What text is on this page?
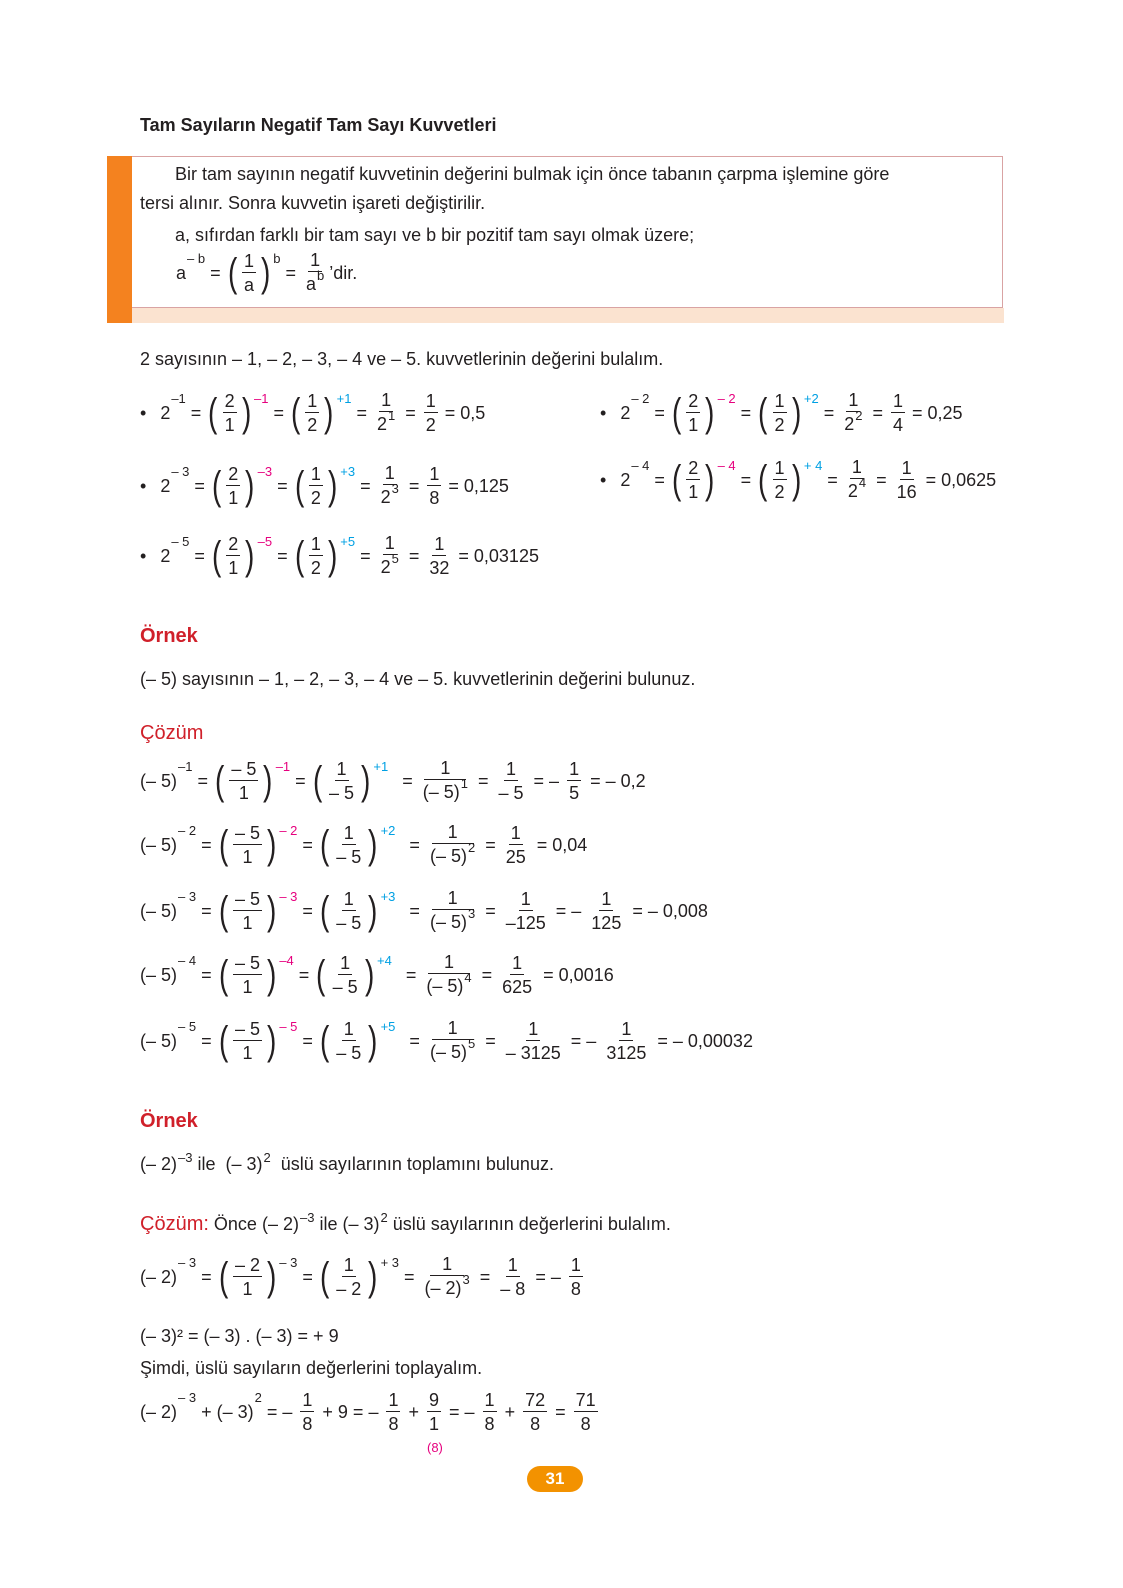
Tam Sayıların Negatif Tam Sayı Kuvvetleri
Bir tam sayının negatif kuvvetinin değerini bulmak için önce tabanın çarpma işlemine göre
tersi alınır. Sonra kuvvetin işareti değiştirilir.
a, sıfırdan farklı bir tam sayı ve b bir pozitif tam sayı olmak üzere;
a
– b
= ( $\frac{1}{a}$ ) b
= $\frac{1}{a^b}$ ’dir.
2 sayısının – 1, – 2, – 3, – 4 ve – 5. kuvvetlerinin değerini bulalım.
• 2
–1
= ( $\frac{2}{1}$ ) –1
= ( $\frac{1}{2}$ ) +1
= $\frac{1}{2^1} = \frac{1}{2} = 0,5$	• 2
– 2
= ( $\frac{2}{1}$ ) – 2
= ( $\frac{1}{2}$ ) +2
= $\frac{1}{2^2} = \frac{1}{4} = 0,25$
• 2
– 3
= ( $\frac{2}{1}$ ) –3
= ( $\frac{1}{2}$ ) +3
= $\frac{1}{2^3} = \frac{1}{8} = 0,125$	• 2
– 4
= ( $\frac{2}{1}$ ) – 4
= ( $\frac{1}{2}$ ) + 4
= $\frac{1}{2^4} = \frac{1}{16} = 0,0625$
• 2
– 5
= ( $\frac{2}{1}$ ) –5
= ( $\frac{1}{2}$ ) +5
= $\frac{1}{2^5} = \frac{1}{32} = 0,03125$
Örnek
(– 5) sayısının – 1, – 2, – 3, – 4 ve – 5. kuvvetlerinin değerini bulunuz.
Çözüm
( – 5 )
–1
= ( $\frac{- 5}{1}$ ) –1
= ( $\frac{1}{- 5}$ ) +1
= $\frac{1}{(- 5)^1} = \frac{1}{- 5}$ = – $\frac{1}{5}$ = – 0,2
( – 5 )
– 2
= ( $\frac{- 5}{1}$ ) – 2
= ( $\frac{1}{- 5}$ ) +2
= $\frac{1}{(- 5)^2} = \frac{1}{25} = 0,04$
( – 5 )
– 3
= ( $\frac{- 5}{1}$ ) – 3
= ( $\frac{1}{- 5}$ ) +3
= $\frac{1}{(- 5)^3} = \frac{1}{-125}$ = – $\frac{1}{125}$ = – 0,008
( – 5 )
– 4
= ( $\frac{- 5}{1}$ ) –4
= ( $\frac{1}{- 5}$ ) +4
= $\frac{1}{(- 5)^4} = \frac{1}{625} = 0,0016$
( – 5 )
– 5
= ( $\frac{- 5}{1}$ ) – 5
= ( $\frac{1}{- 5}$ ) +5
= $\frac{1}{(- 5)^5} = \frac{1}{- 3125}$ = – $\frac{1}{3125}$ = – 0,00032
Örnek
(– 2)$^{-3}$ ile (– 3)$^2$ üslü sayılarının toplamını bulunuz.
Çözüm: Önce (– 2)$^{-3}$ ile (– 3)$^2$ üslü sayılarının değerlerini bulalım.
(– 2)
– 3
= ( $\frac{- 2}{1}$ ) – 3
= ( $\frac{1}{- 2}$ ) + 3
= $\frac{1}{(- 2)^3} = \frac{1}{- 8}$ = – $\frac{1}{8}$
(– 3)² = (– 3) . (– 3) = + 9
Şimdi, üslü sayıların değerlerini toplayalım.
(– 2)
– 3
+ (– 3)
2
= – $\frac{1}{8} + 9$ = – $\frac{1}{8}$ +
9
1
(8)
= – $\frac{1}{8} + \frac{72}{8} = \frac{71}{8}$
31
